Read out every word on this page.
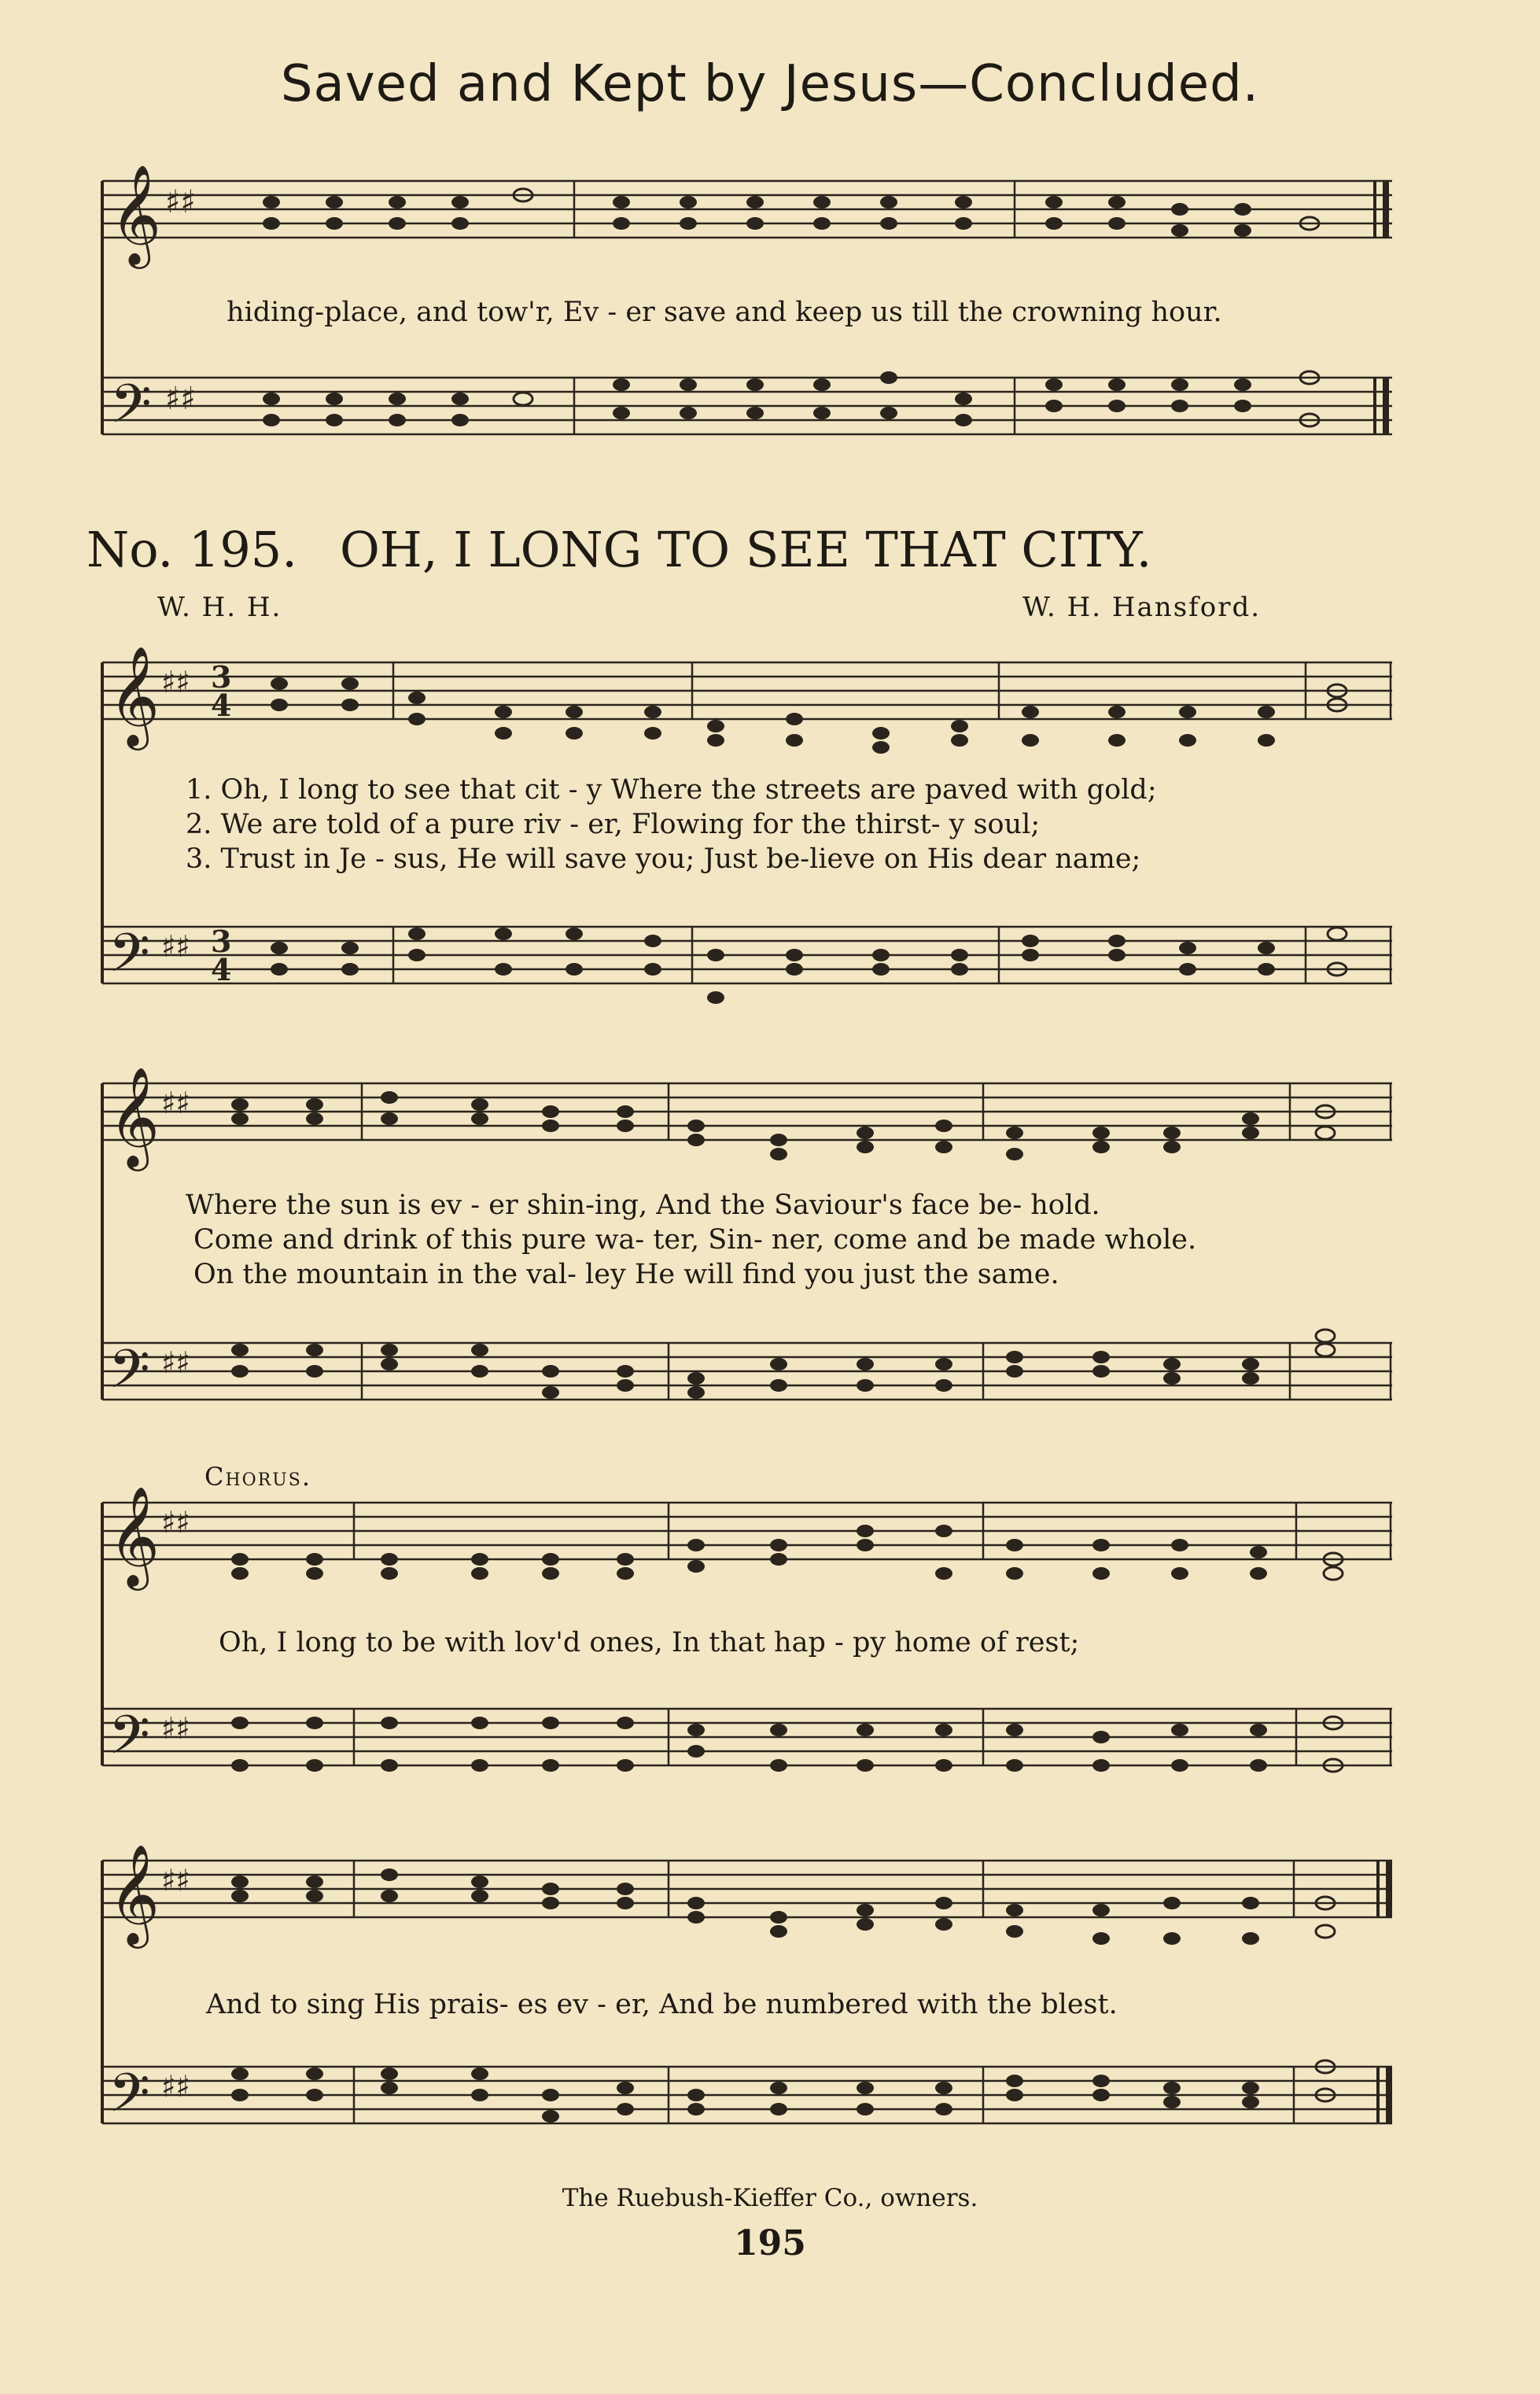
Saved and Kept by Jesus—Concluded.
𝄞
𝄢
♯♯
♯♯
hiding-place, and tow'r, Ev - er save and keep us till the crowning hour.
No. 195. OH, I LONG TO SEE THAT CITY.
W. H. H.	W. H. Hansford.
𝄞
𝄢
♯♯
♯♯
3
4
3
4
1. Oh, I long to see that cit - y Where the streets are paved with gold;
2. We are told of a pure riv - er, Flowing for the thirst- y soul;
3. Trust in Je - sus, He will save you; Just be-lieve on His dear name;
𝄞
𝄢
♯♯
♯♯
Where the sun is ev - er shin-ing, And the Saviour's face be- hold.
Come and drink of this pure wa- ter, Sin- ner, come and be made whole.
On the mountain in the val- ley He will find you just the same.
Chorus.
𝄞
𝄢
♯♯
♯♯
Oh, I long to be with lov'd ones, In that hap - py home of rest;
𝄞
𝄢
♯♯
♯♯
And to sing His prais- es ev - er, And be numbered with the blest.
The Ruebush-Kieffer Co., owners.
195
